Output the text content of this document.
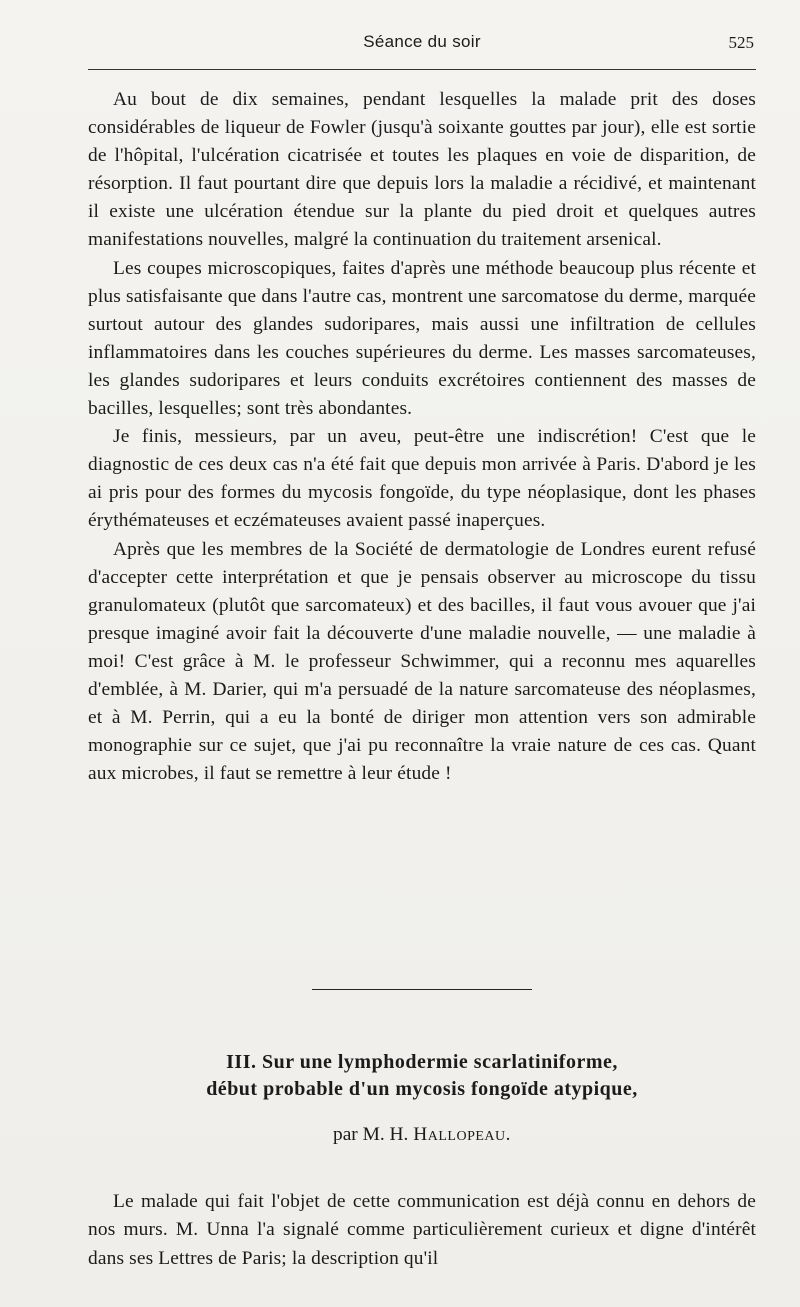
Séance du soir	525

Au bout de dix semaines, pendant lesquelles la malade prit des doses considérables de liqueur de Fowler (jusqu'à soixante gouttes par jour), elle est sortie de l'hôpital, l'ulcération cicatrisée et toutes les plaques en voie de disparition, de résorption. Il faut pourtant dire que depuis lors la maladie a récidivé, et maintenant il existe une ulcération étendue sur la plante du pied droit et quelques autres manifestations nouvelles, malgré la continuation du traitement arsenical.

Les coupes microscopiques, faites d'après une méthode beaucoup plus récente et plus satisfaisante que dans l'autre cas, montrent une sarcomatose du derme, marquée surtout autour des glandes sudoripares, mais aussi une infiltration de cellules inflammatoires dans les couches supérieures du derme. Les masses sarcomateuses, les glandes sudoripares et leurs conduits excrétoires contiennent des masses de bacilles, lesquelles; sont très abondantes.

Je finis, messieurs, par un aveu, peut-être une indiscrétion! C'est que le diagnostic de ces deux cas n'a été fait que depuis mon arrivée à Paris. D'abord je les ai pris pour des formes du mycosis fongoïde, du type néoplasique, dont les phases érythémateuses et eczémateuses avaient passé inaperçues.

Après que les membres de la Société de dermatologie de Londres eurent refusé d'accepter cette interprétation et que je pensais observer au microscope du tissu granulomateux (plutôt que sarcomateux) et des bacilles, il faut vous avouer que j'ai presque imaginé avoir fait la découverte d'une maladie nouvelle, — une maladie à moi! C'est grâce à M. le professeur Schwimmer, qui a reconnu mes aquarelles d'emblée, à M. Darier, qui m'a persuadé de la nature sarcomateuse des néoplasmes, et à M. Perrin, qui a eu la bonté de diriger mon attention vers son admirable monographie sur ce sujet, que j'ai pu reconnaître la vraie nature de ces cas. Quant aux microbes, il faut se remettre à leur étude !

III. Sur une lymphodermie scarlatiniforme,
début probable d'un mycosis fongoïde atypique,
par M. H. Hallopeau.

Le malade qui fait l'objet de cette communication est déjà connu en dehors de nos murs. M. Unna l'a signalé comme particulièrement curieux et digne d'intérêt dans ses Lettres de Paris; la description qu'il
